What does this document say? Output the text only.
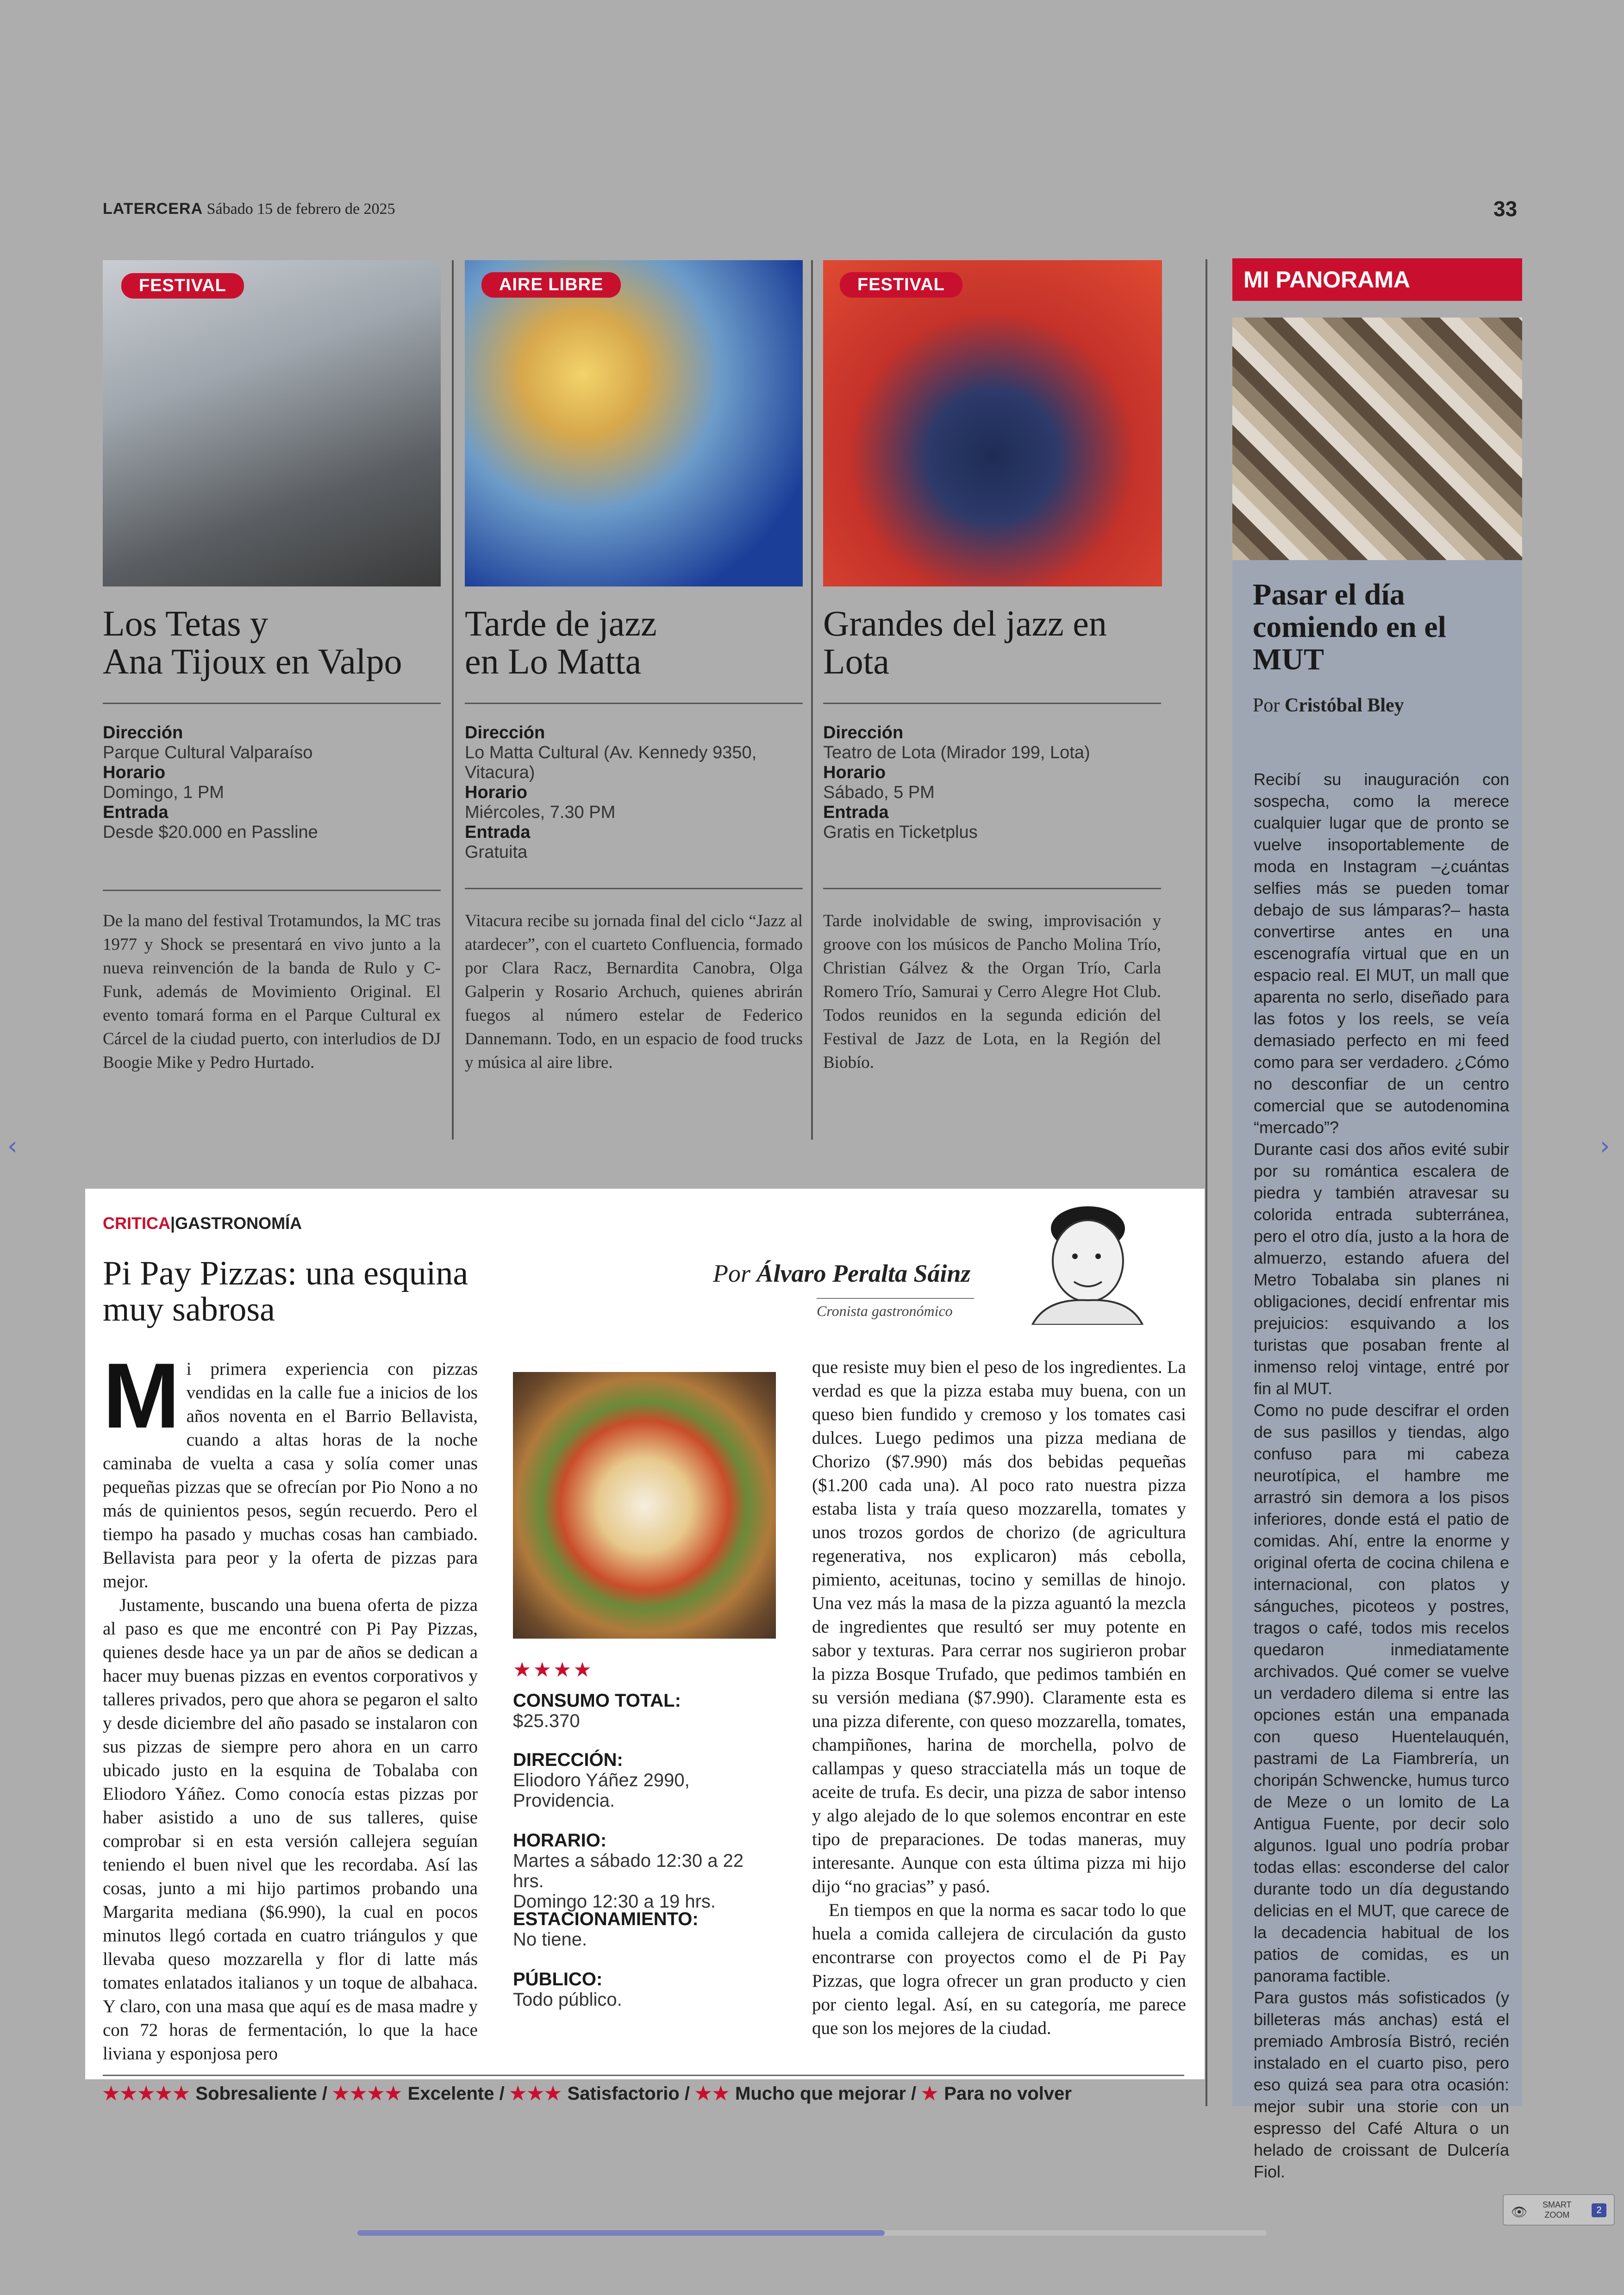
LATERCERA Sábado 15 de febrero de 2025	33
FESTIVAL
Los Tetas y
Ana Tijoux en Valpo
Dirección
Parque Cultural Valparaíso
Horario
Domingo, 1 PM
Entrada
Desde $20.000 en Passline
De la mano del festival Trotamundos, la MC tras 1977 y Shock se presentará en vivo junto a la nueva reinvención de la banda de Rulo y C-Funk, además de Movimiento Original. El evento tomará forma en el Parque Cultural ex Cárcel de la ciudad puerto, con interludios de DJ Boogie Mike y Pedro Hurtado.
AIRE LIBRE
Tarde de jazz
en Lo Matta
Dirección
Lo Matta Cultural (Av. Kennedy 9350, Vitacura)
Horario
Miércoles, 7.30 PM
Entrada
Gratuita
Vitacura recibe su jornada final del ciclo “Jazz al atardecer”, con el cuarteto Confluencia, formado por Clara Racz, Bernardita Canobra, Olga Galperin y Rosario Archuch, quienes abrirán fuegos al número estelar de Federico Dannemann. Todo, en un espacio de food trucks y música al aire libre.
FESTIVAL
Grandes del jazz en
Lota
Dirección
Teatro de Lota (Mirador 199, Lota)
Horario
Sábado, 5 PM
Entrada
Gratis en Ticketplus
Tarde inolvidable de swing, improvisación y groove con los músicos de Pancho Molina Trío, Christian Gálvez & the Organ Trío, Carla Romero Trío, Samurai y Cerro Alegre Hot Club. Todos reunidos en la segunda edición del Festival de Jazz de Lota, en la Región del Biobío.
MI PANORAMA
Pasar el día comiendo en el MUT
Por Cristóbal Bley
Recibí su inauguración con sospecha, como la merece cualquier lugar que de pronto se vuelve insoportablemente de moda en Instagram –¿cuántas selfies más se pueden tomar debajo de sus lámparas?– hasta convertirse antes en una escenografía virtual que en un espacio real. El MUT, un mall que aparenta no serlo, diseñado para las fotos y los reels, se veía demasiado perfecto en mi feed como para ser verdadero. ¿Cómo no desconfiar de un centro comercial que se autodenomina “mercado”?
Durante casi dos años evité subir por su romántica escalera de piedra y también atravesar su colorida entrada subterránea, pero el otro día, justo a la hora de almuerzo, estando afuera del Metro Tobalaba sin planes ni obligaciones, decidí enfrentar mis prejuicios: esquivando a los turistas que posaban frente al inmenso reloj vintage, entré por fin al MUT.
Como no pude descifrar el orden de sus pasillos y tiendas, algo confuso para mi cabeza neurotípica, el hambre me arrastró sin demora a los pisos inferiores, donde está el patio de comidas. Ahí, entre la enorme y original oferta de cocina chilena e internacional, con platos y sánguches, picoteos y postres, tragos o café, todos mis recelos quedaron inmediatamente archivados. Qué comer se vuelve un verdadero dilema si entre las opciones están una empanada con queso Huentelauquén, pastrami de La Fiambrería, un choripán Schwencke, humus turco de Meze o un lomito de La Antigua Fuente, por decir solo algunos. Igual uno podría probar todas ellas: esconderse del calor durante todo un día degustando delicias en el MUT, que carece de la decadencia habitual de los patios de comidas, es un panorama factible.
Para gustos más sofisticados (y billeteras más anchas) está el premiado Ambrosía Bistró, recién instalado en el cuarto piso, pero eso quizá sea para otra ocasión: mejor subir una storie con un espresso del Café Altura o un helado de croissant de Dulcería Fiol.
CRITICA|GASTRONOMÍA
Pi Pay Pizzas: una esquina muy sabrosa
Por Álvaro Peralta Sáinz
Cronista gastronómico
M i primera experiencia con pizzas vendidas en la calle fue a inicios de los años noventa en el Barrio Bellavista, cuando a altas horas de la noche caminaba de vuelta a casa y solía comer unas pequeñas pizzas que se ofrecían por Pio Nono a no más de quinientos pesos, según recuerdo. Pero el tiempo ha pasado y muchas cosas han cambiado. Bellavista para peor y la oferta de pizzas para mejor.
Justamente, buscando una buena oferta de pizza al paso es que me encontré con Pi Pay Pizzas, quienes desde hace ya un par de años se dedican a hacer muy buenas pizzas en eventos corporativos y talleres privados, pero que ahora se pegaron el salto y desde diciembre del año pasado se instalaron con sus pizzas de siempre pero ahora en un carro ubicado justo en la esquina de Tobalaba con Eliodoro Yáñez. Como conocía estas pizzas por haber asistido a uno de sus talleres, quise comprobar si en esta versión callejera seguían teniendo el buen nivel que les recordaba. Así las cosas, junto a mi hijo partimos probando una Margarita mediana ($6.990), la cual en pocos minutos llegó cortada en cuatro triángulos y que llevaba queso mozzarella y flor di latte más tomates enlatados italianos y un toque de albahaca. Y claro, con una masa que aquí es de masa madre y con 72 horas de fermentación, lo que la hace liviana y esponjosa pero
★★★★
CONSUMO TOTAL:
$25.370
DIRECCIÓN:
Eliodoro Yáñez 2990, Providencia.
HORARIO:
Martes a sábado 12:30 a 22 hrs.
Domingo 12:30 a 19 hrs.
ESTACIONAMIENTO:
No tiene.
PÚBLICO:
Todo público.
que resiste muy bien el peso de los ingredientes. La verdad es que la pizza estaba muy buena, con un queso bien fundido y cremoso y los tomates casi dulces. Luego pedimos una pizza mediana de Chorizo ($7.990) más dos bebidas pequeñas ($1.200 cada una). Al poco rato nuestra pizza estaba lista y traía queso mozzarella, tomates y unos trozos gordos de chorizo (de agricultura regenerativa, nos explicaron) más cebolla, pimiento, aceitunas, tocino y semillas de hinojo. Una vez más la masa de la pizza aguantó la mezcla de ingredientes que resultó ser muy potente en sabor y texturas. Para cerrar nos sugirieron probar la pizza Bosque Trufado, que pedimos también en su versión mediana ($7.990). Claramente esta es una pizza diferente, con queso mozzarella, tomates, champiñones, harina de morchella, polvo de callampas y queso stracciatella más un toque de aceite de trufa. Es decir, una pizza de sabor intenso y algo alejado de lo que solemos encontrar en este tipo de preparaciones. De todas maneras, muy interesante. Aunque con esta última pizza mi hijo dijo “no gracias” y pasó.
En tiempos en que la norma es sacar todo lo que huela a comida callejera de circulación da gusto encontrarse con proyectos como el de Pi Pay Pizzas, que logra ofrecer un gran producto y cien por ciento legal. Así, en su categoría, me parece que son los mejores de la ciudad.
★★★★★ Sobresaliente / ★★★★ Excelente / ★★★ Satisfactorio / ★★ Mucho que mejorar / ★ Para no volver
‹	›
👁 SMART
ZOOM	2
